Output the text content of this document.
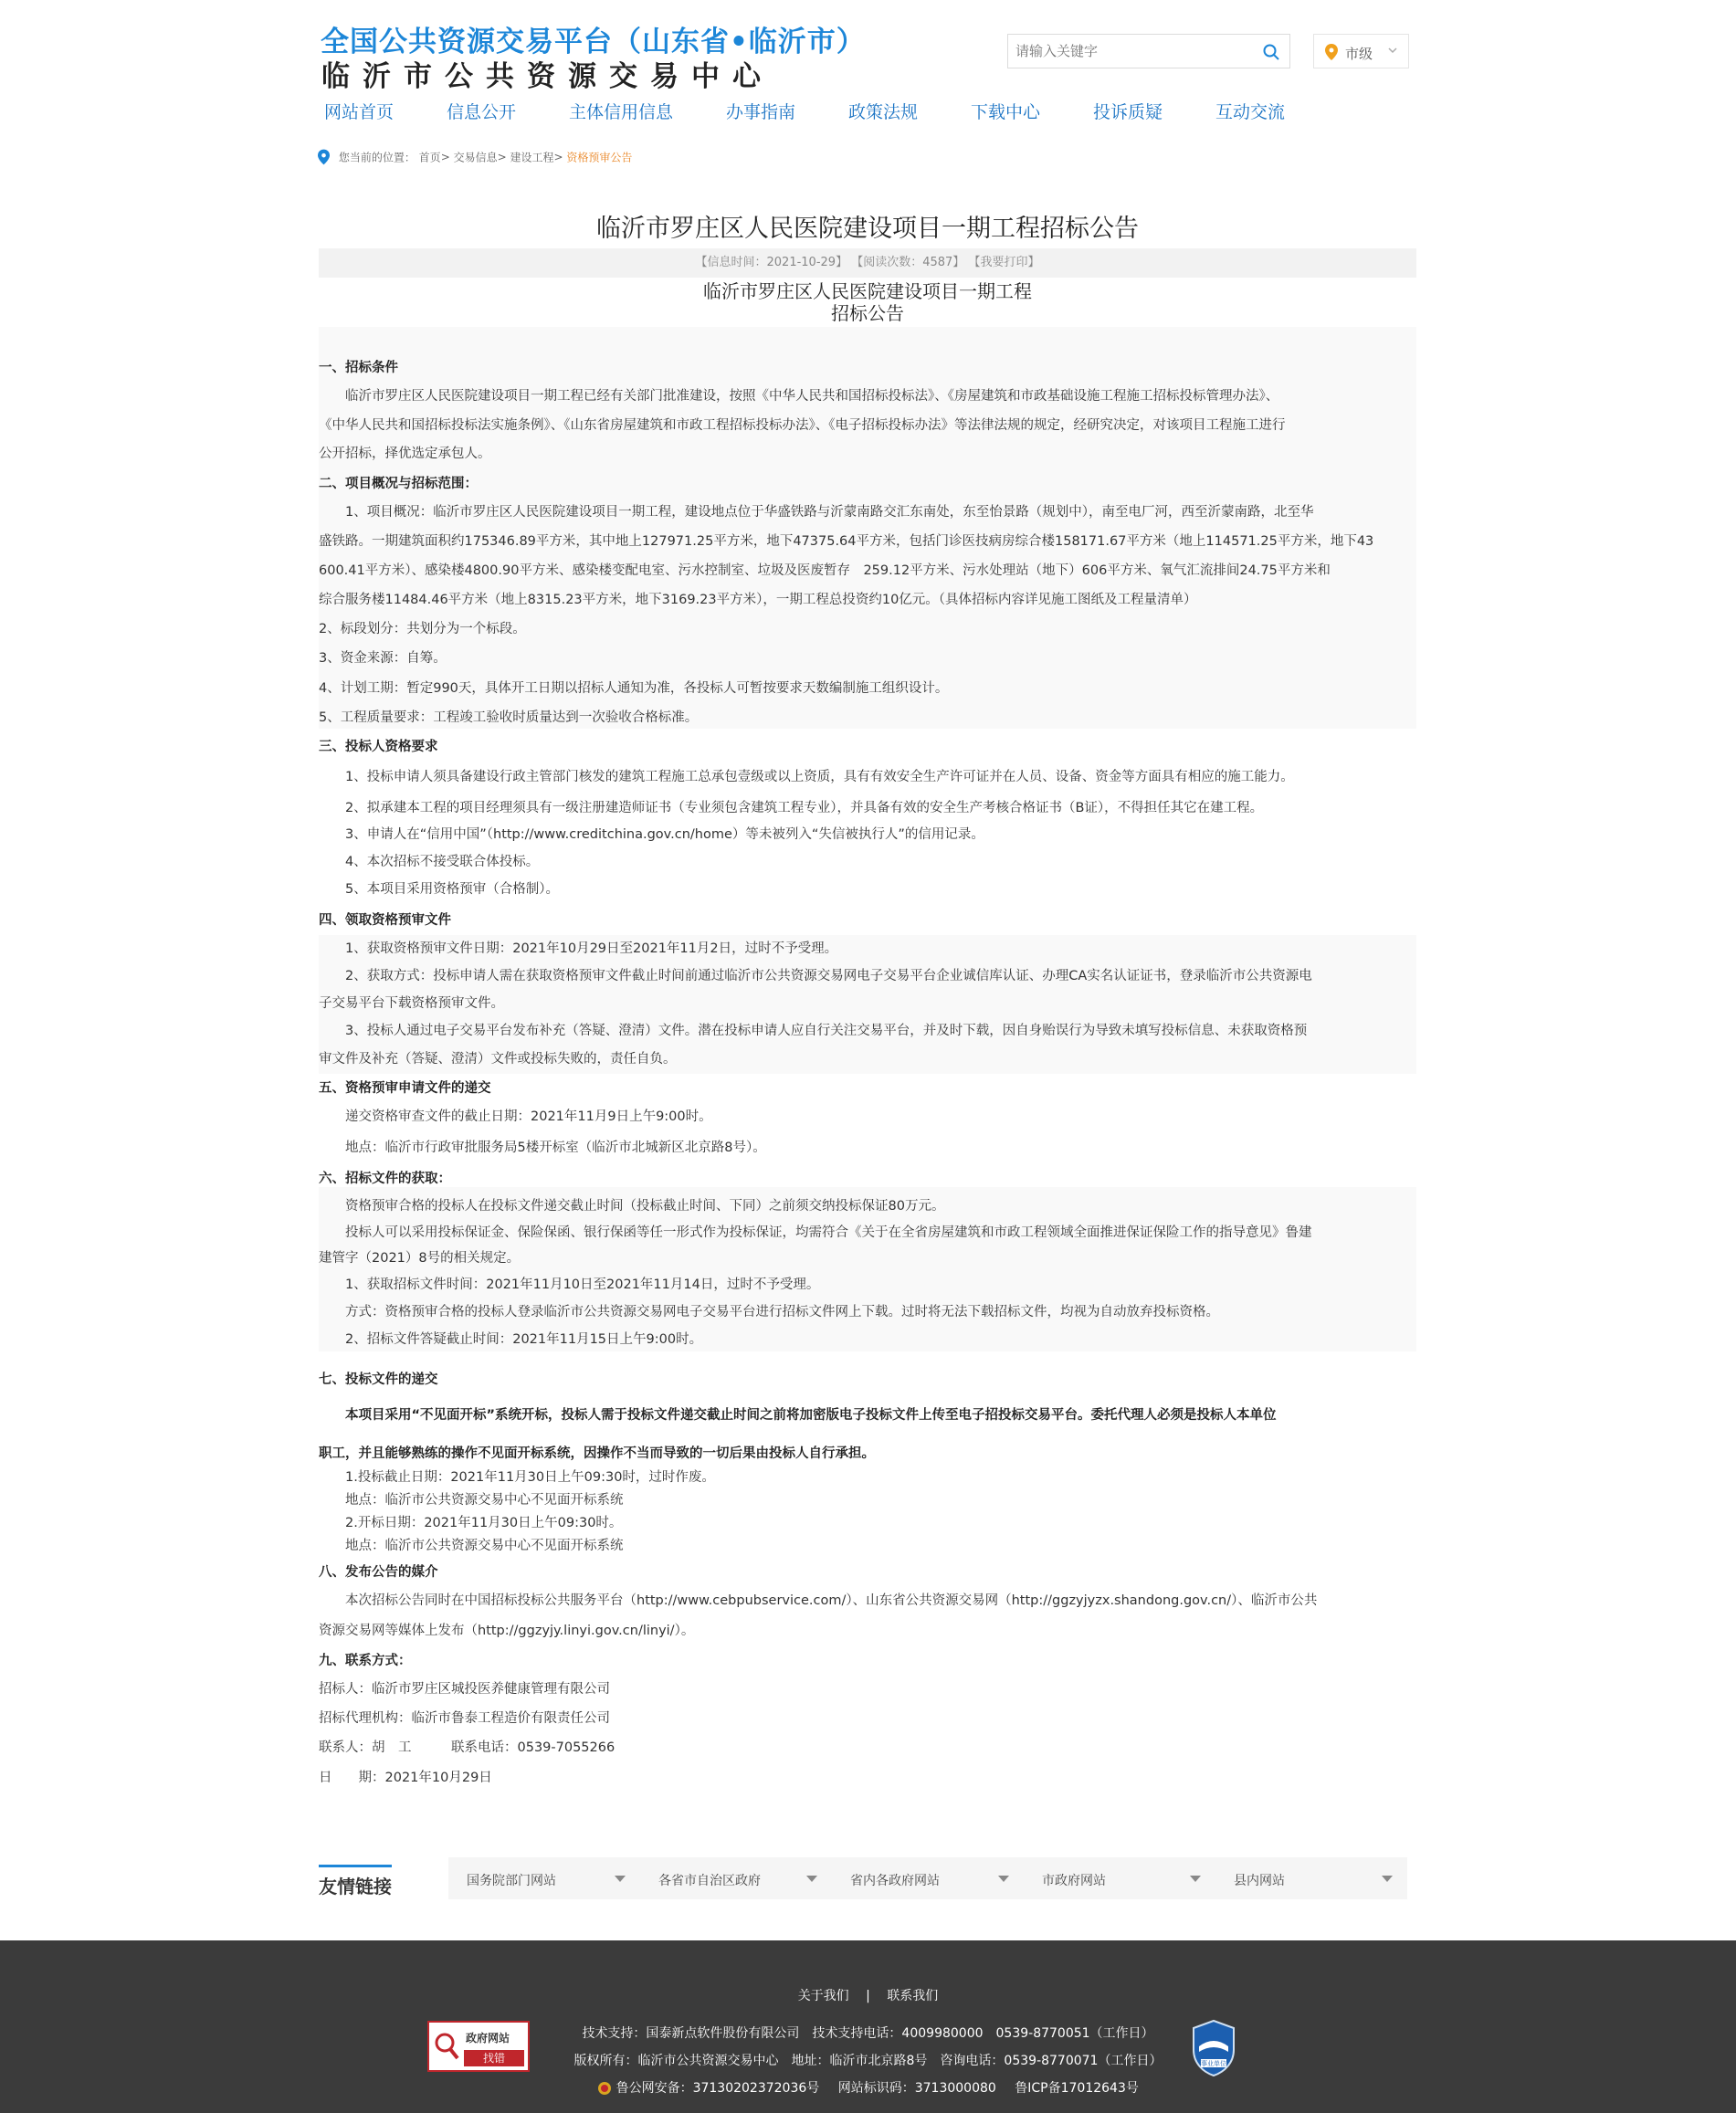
全国公共资源交易平台（山东省•临沂市）
临沂市公共资源交易中心
请输入关键字
市级
网站首页	信息公开	主体信用信息	办事指南	政策法规	下载中心	投诉质疑	互动交流
您当前的位置： 首页> 交易信息> 建设工程> 资格预审公告
临沂市罗庄区人民医院建设项目一期工程招标公告
【信息时间：2021-10-29】 【阅读次数：4587】 【我要打印】
临沂市罗庄区人民医院建设项目一期工程
招标公告
一、招标条件
　　临沂市罗庄区人民医院建设项目一期工程已经有关部门批准建设，按照《中华人民共和国招标投标法》、《房屋建筑和市政基础设施工程施工招标投标管理办法》、
《中华人民共和国招标投标法实施条例》、《山东省房屋建筑和市政工程招标投标办法》、《电子招标投标办法》等法律法规的规定，经研究决定，对该项目工程施工进行
公开招标，择优选定承包人。
二、项目概况与招标范围：
　　1、项目概况：临沂市罗庄区人民医院建设项目一期工程，建设地点位于华盛铁路与沂蒙南路交汇东南处，东至怡景路（规划中），南至电厂河，西至沂蒙南路，北至华
盛铁路。一期建筑面积约175346.89平方米，其中地上127971.25平方米，地下47375.64平方米，包括门诊医技病房综合楼158171.67平方米（地上114571.25平方米，地下43
600.41平方米）、感染楼4800.90平方米、感染楼变配电室、污水控制室、垃圾及医废暂存　259.12平方米、污水处理站（地下）606平方米、氧气汇流排间24.75平方米和
综合服务楼11484.46平方米（地上8315.23平方米，地下3169.23平方米），一期工程总投资约10亿元。（具体招标内容详见施工图纸及工程量清单）
2、标段划分：共划分为一个标段。
3、资金来源：自筹。
4、计划工期：暂定990天，具体开工日期以招标人通知为准，各投标人可暂按要求天数编制施工组织设计。
5、工程质量要求：工程竣工验收时质量达到一次验收合格标准。
三、投标人资格要求
　　1、投标申请人须具备建设行政主管部门核发的建筑工程施工总承包壹级或以上资质，具有有效安全生产许可证并在人员、设备、资金等方面具有相应的施工能力。
　　2、拟承建本工程的项目经理须具有一级注册建造师证书（专业须包含建筑工程专业），并具备有效的安全生产考核合格证书（B证），不得担任其它在建工程。
　　3、申请人在“信用中国”（http://www.creditchina.gov.cn/home）等未被列入“失信被执行人”的信用记录。
　　4、本次招标不接受联合体投标。
　　5、本项目采用资格预审（合格制）。
四、领取资格预审文件
　　1、获取资格预审文件日期：2021年10月29日至2021年11月2日，过时不予受理。
　　2、获取方式：投标申请人需在获取资格预审文件截止时间前通过临沂市公共资源交易网电子交易平台企业诚信库认证、办理CA实名认证证书，登录临沂市公共资源电
子交易平台下载资格预审文件。
　　3、投标人通过电子交易平台发布补充（答疑、澄清）文件。潜在投标申请人应自行关注交易平台，并及时下载，因自身贻误行为导致未填写投标信息、未获取资格预
审文件及补充（答疑、澄清）文件或投标失败的，责任自负。
五、资格预审申请文件的递交
　　递交资格审查文件的截止日期：2021年11月9日上午9:00时。
　　地点：临沂市行政审批服务局5楼开标室（临沂市北城新区北京路8号）。
六、招标文件的获取：
　　资格预审合格的投标人在投标文件递交截止时间（投标截止时间、下同）之前须交纳投标保证80万元。
　　投标人可以采用投标保证金、保险保函、银行保函等任一形式作为投标保证，均需符合《关于在全省房屋建筑和市政工程领域全面推进保证保险工作的指导意见》鲁建
建管字（2021）8号的相关规定。
　　1、获取招标文件时间：2021年11月10日至2021年11月14日，过时不予受理。
　　方式：资格预审合格的投标人登录临沂市公共资源交易网电子交易平台进行招标文件网上下载。过时将无法下载招标文件，均视为自动放弃投标资格。
　　2、招标文件答疑截止时间：2021年11月15日上午9:00时。
七、投标文件的递交
　　本项目采用“不见面开标”系统开标，投标人需于投标文件递交截止时间之前将加密版电子投标文件上传至电子招投标交易平台。委托代理人必须是投标人本单位
职工，并且能够熟练的操作不见面开标系统，因操作不当而导致的一切后果由投标人自行承担。
　　1.投标截止日期：2021年11月30日上午09:30时，过时作废。
　　地点：临沂市公共资源交易中心不见面开标系统
　　2.开标日期：2021年11月30日上午09:30时。
　　地点：临沂市公共资源交易中心不见面开标系统
八、发布公告的媒介
　　本次招标公告同时在中国招标投标公共服务平台（http://www.cebpubservice.com/）、山东省公共资源交易网（http://ggzyjyzx.shandong.gov.cn/）、临沂市公共
资源交易网等媒体上发布（http://ggzyjy.linyi.gov.cn/linyi/）。
九、联系方式：
招标人：临沂市罗庄区城投医养健康管理有限公司
招标代理机构：临沂市鲁泰工程造价有限责任公司
联系人：胡　工　　　联系电话：0539-7055266
日　　期：2021年10月29日
友情链接	国务院部门网站	各省市自治区政府	省内各政府网站	市政府网站	县内网站
关于我们 | 联系我们
政府网站
找错
技术支持：国泰新点软件股份有限公司　技术支持电话：4009980000　0539-8770051（工作日）
版权所有：临沂市公共资源交易中心　地址：临沂市北京路8号　咨询电话：0539-8770071（工作日）
鲁公网安备：37130202372036号 网站标识码：3713000080 鲁ICP备17012643号
事业单位
